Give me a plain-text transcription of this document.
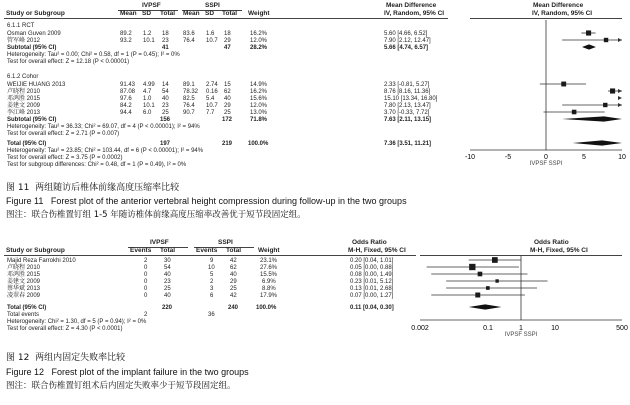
IVPSF	SSPI	Mean Difference	Mean Difference
Study or Subgroup	Mean SD Total Mean SD Total Weight	IV, Random, 95% CI	IV, Random, 95% CI
6.1.1 RCT
Osman Guven 2009	89.2 1.2 18 83.6 1.6 18	16.2%	5.60 [4.66, 6.52]
管军峰 2012	93.2 10.1 23 76.4 10.7 29	12.0%	7.90 [2.12, 12.47]
Subtotal (95% CI)	41	47	28.2%	5.66 [4.74, 6.57]
Heterogeneity: Tau² = 0.00; Chi² = 0.58, df = 1 (P = 0.45); I² = 0%
Test for overall effect: Z = 12.18 (P < 0.00001)
6.1.2 Cohor
WEIJIE HUANG 2013	91.43 4.99 14 89.1 2.74 15	14.9%	2.33 [-0.81, 5.27]
卢晓程 2010	87.08 4.7 54 78.32 0.16 62	16.2%	8.76 [8.16, 11.36]
邓鸿胜 2015	97.6 1.0 40 82.5 5.4 40	15.6%	15.10 [13.34, 16.80]
姜建文 2009	84.2 10.1 23 76.4 10.7 29	12.0%	7.80 [2.13, 13.47]
李江峰 2013	94.4 6.0 25 90.7 7.7 25	13.0%	3.70 [-0.33, 7.72]
Subtotal (95% CI)	156	172	71.8%	7.63 [2.11, 13.15]
Heterogeneity: Tau² = 36.33; Chi² = 69.07, df = 4 (P < 0.00001); I² = 94%
Test for overall effect: Z = 2.71 (P = 0.007)
Total (95% CI)	197	219	100.0%	7.36 [3.51, 11.21]
Heterogeneity: Tau² = 23.85; Chi² = 103.44, df = 6 (P < 0.00001); I² = 94%
Test for overall effect: Z = 3.75 (P = 0.0002)
Test for subgroup differences: Chi² = 0.48, df = 1 (P = 0.49), I² = 0%
-10	-5	0	5	10
IVPSF SSPI
图 11 两组随访后椎体前缘高度压缩率比较
Figure 11 Forest plot of the anterior vertebral height compression during follow-up in the two groups
图注：联合伤椎置钉组 1-5 年随访椎体前缘高度压缩率改善优于短节段固定组。
IVPSF	SSPI	Odds Ratio	Odds Ratio
Study or Subgroup	Events Total	Events Total	Weight	M-H, Fixed, 95% CI	M-H, Fixed, 95% CI
Majid Reza Farrokhi 2010	2	30	9	42	23.1%	0.20 [0.04, 1.01]
卢晓程 2010	0	54	10	62	27.6%	0.05 [0.00, 0.88]
邓鸿胜 2015	0	40	5	40	15.5%	0.08 [0.00, 1.49]
姜建文 2009	0	23	2	29	6.9%	0.23 [0.01, 5.12]
蔡华斌 2013	0	25	3	25	8.8%	0.13 [0.01, 2.68]
凌翠春 2009	0	40	6	42	17.9%	0.07 [0.00, 1.27]
Total (95% CI)	220	240	100.0%	0.11 [0.04, 0.30]
Total events	2	36
Heterogeneity: Chi² = 1.30, df = 5 (P = 0.94); I² = 0%
Test for overall effect: Z = 4.30 (P < 0.0001)	0.002	0.1	1	10	500
IVPSF SSPI
图 12 两组内固定失败率比较
Figure 12 Forest plot of the implant failure in the two groups
图注：联合伤椎置钉组术后内固定失败率少于短节段固定组。
